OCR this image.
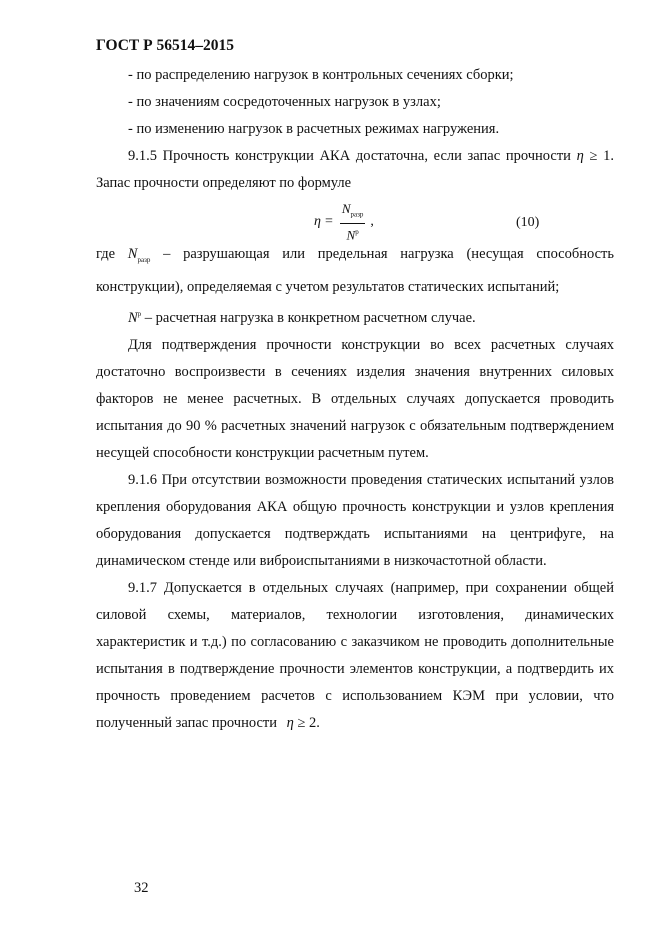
ГОСТ Р 56514–2015

- по распределению нагрузок в контрольных сечениях сборки;

- по значениям сосредоточенных нагрузок в узлах;

- по изменению нагрузок в расчетных режимах нагружения.

9.1.5 Прочность конструкции АКА достаточна, если запас прочности η ≥ 1. Запас прочности определяют по формуле

$\eta = \frac{N_{разр}}{N^р}$ ,	(10)

где $N_{разр}$ – разрушающая или предельная нагрузка (несущая способность конструкции), определяемая с учетом результатов статических испытаний;

$N^р$ – расчетная нагрузка в конкретном расчетном случае.

Для подтверждения прочности конструкции во всех расчетных случаях достаточно воспроизвести в сечениях изделия значения внутренних силовых факторов не менее расчетных. В отдельных случаях допускается проводить испытания до 90 % расчетных значений нагрузок с обязательным подтверждением несущей способности конструкции расчетным путем.

9.1.6 При отсутствии возможности проведения статических испытаний узлов крепления оборудования АКА общую прочность конструкции и узлов крепления оборудования допускается подтверждать испытаниями на центрифуге, на динамическом стенде или виброиспытаниями в низкочастотной области.

9.1.7 Допускается в отдельных случаях (например, при сохранении общей силовой схемы, материалов, технологии изготовления, динамических характеристик и т.д.) по согласованию с заказчиком не проводить дополнительные испытания в подтверждение прочности элементов конструкции, а подтвердить их прочность проведением расчетов с использованием КЭМ при условии, что полученный запас прочности η ≥ 2.

32
